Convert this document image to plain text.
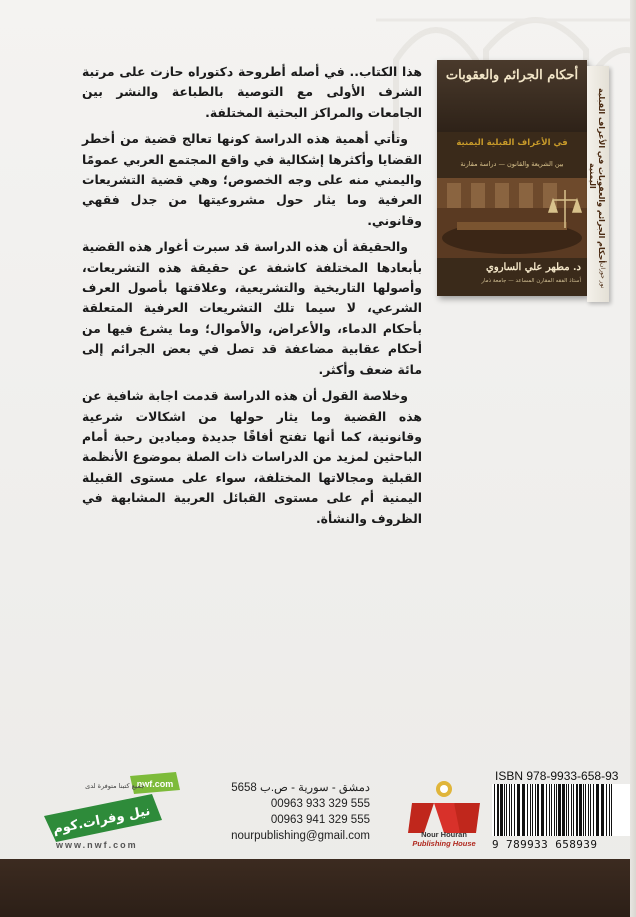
هذا الكتاب.. في أصله أطروحة دكتوراه حازت على مرتبة الشرف الأولى مع التوصية بالطباعة والنشر بين الجامعات والمراكز البحثية المختلفة.

وتأتي أهمية هذه الدراسة كونها تعالج قضية من أخطر القضايا وأكثرها إشكالية في واقع المجتمع العربي عمومًا واليمني منه على وجه الخصوص؛ وهي قضية التشريعات العرفية وما يثار حول مشروعيتها من جدل فقهي وقانوني.

والحقيقة أن هذه الدراسة قد سبرت أغوار هذه القضية بأبعادها المختلفة كاشفة عن حقيقة هذه التشريعات، وأصولها التاريخية والتشريعية، وعلاقتها بأصول العرف الشرعي، لا سيما تلك التشريعات العرفية المتعلقة بأحكام الدماء، والأعراض، والأموال؛ وما يشرع فيها من أحكام عقابية مضاعفة قد تصل في بعض الجرائم إلى مائة ضعف وأكثر.

وخلاصة القول أن هذه الدراسة قدمت اجابة شافية عن هذه القضية وما يثار حولها من اشكالات شرعية وقانونية، كما أنها تفتح أفاقًا جديدة وميادين رحبة أمام الباحثين لمزيد من الدراسات ذات الصلة بموضوع الأنظمة القبلية ومجالاتها المختلفة، سواء على مستوى القبيلة اليمنية أم على مستوى القبائل العربية المشابهة في الظروف والنشأة.

أحكام الجرائم والعقوبات
في الأعراف القبلية اليمنية
بين الشريعة والقانون — دراسة مقارنة
د. مطهر علي الساروي
أستاذ الفقه المقارن المساعد — جامعة ذمار
أحكام الجرائم والعقوبات في الأعراف القبلية اليمنية
نور حوران
nwf.com
نيل وفرات.كوم
جميع كتبنا متوفرة لدى
www.nwf.com
دمشق - سورية - ص.ب 5658
00963 933 329 555
00963 941 329 555
nourpublishing@gmail.com	Nour Houran
Publishing House
ISBN 978-9933-658-93
9 789933 658939
